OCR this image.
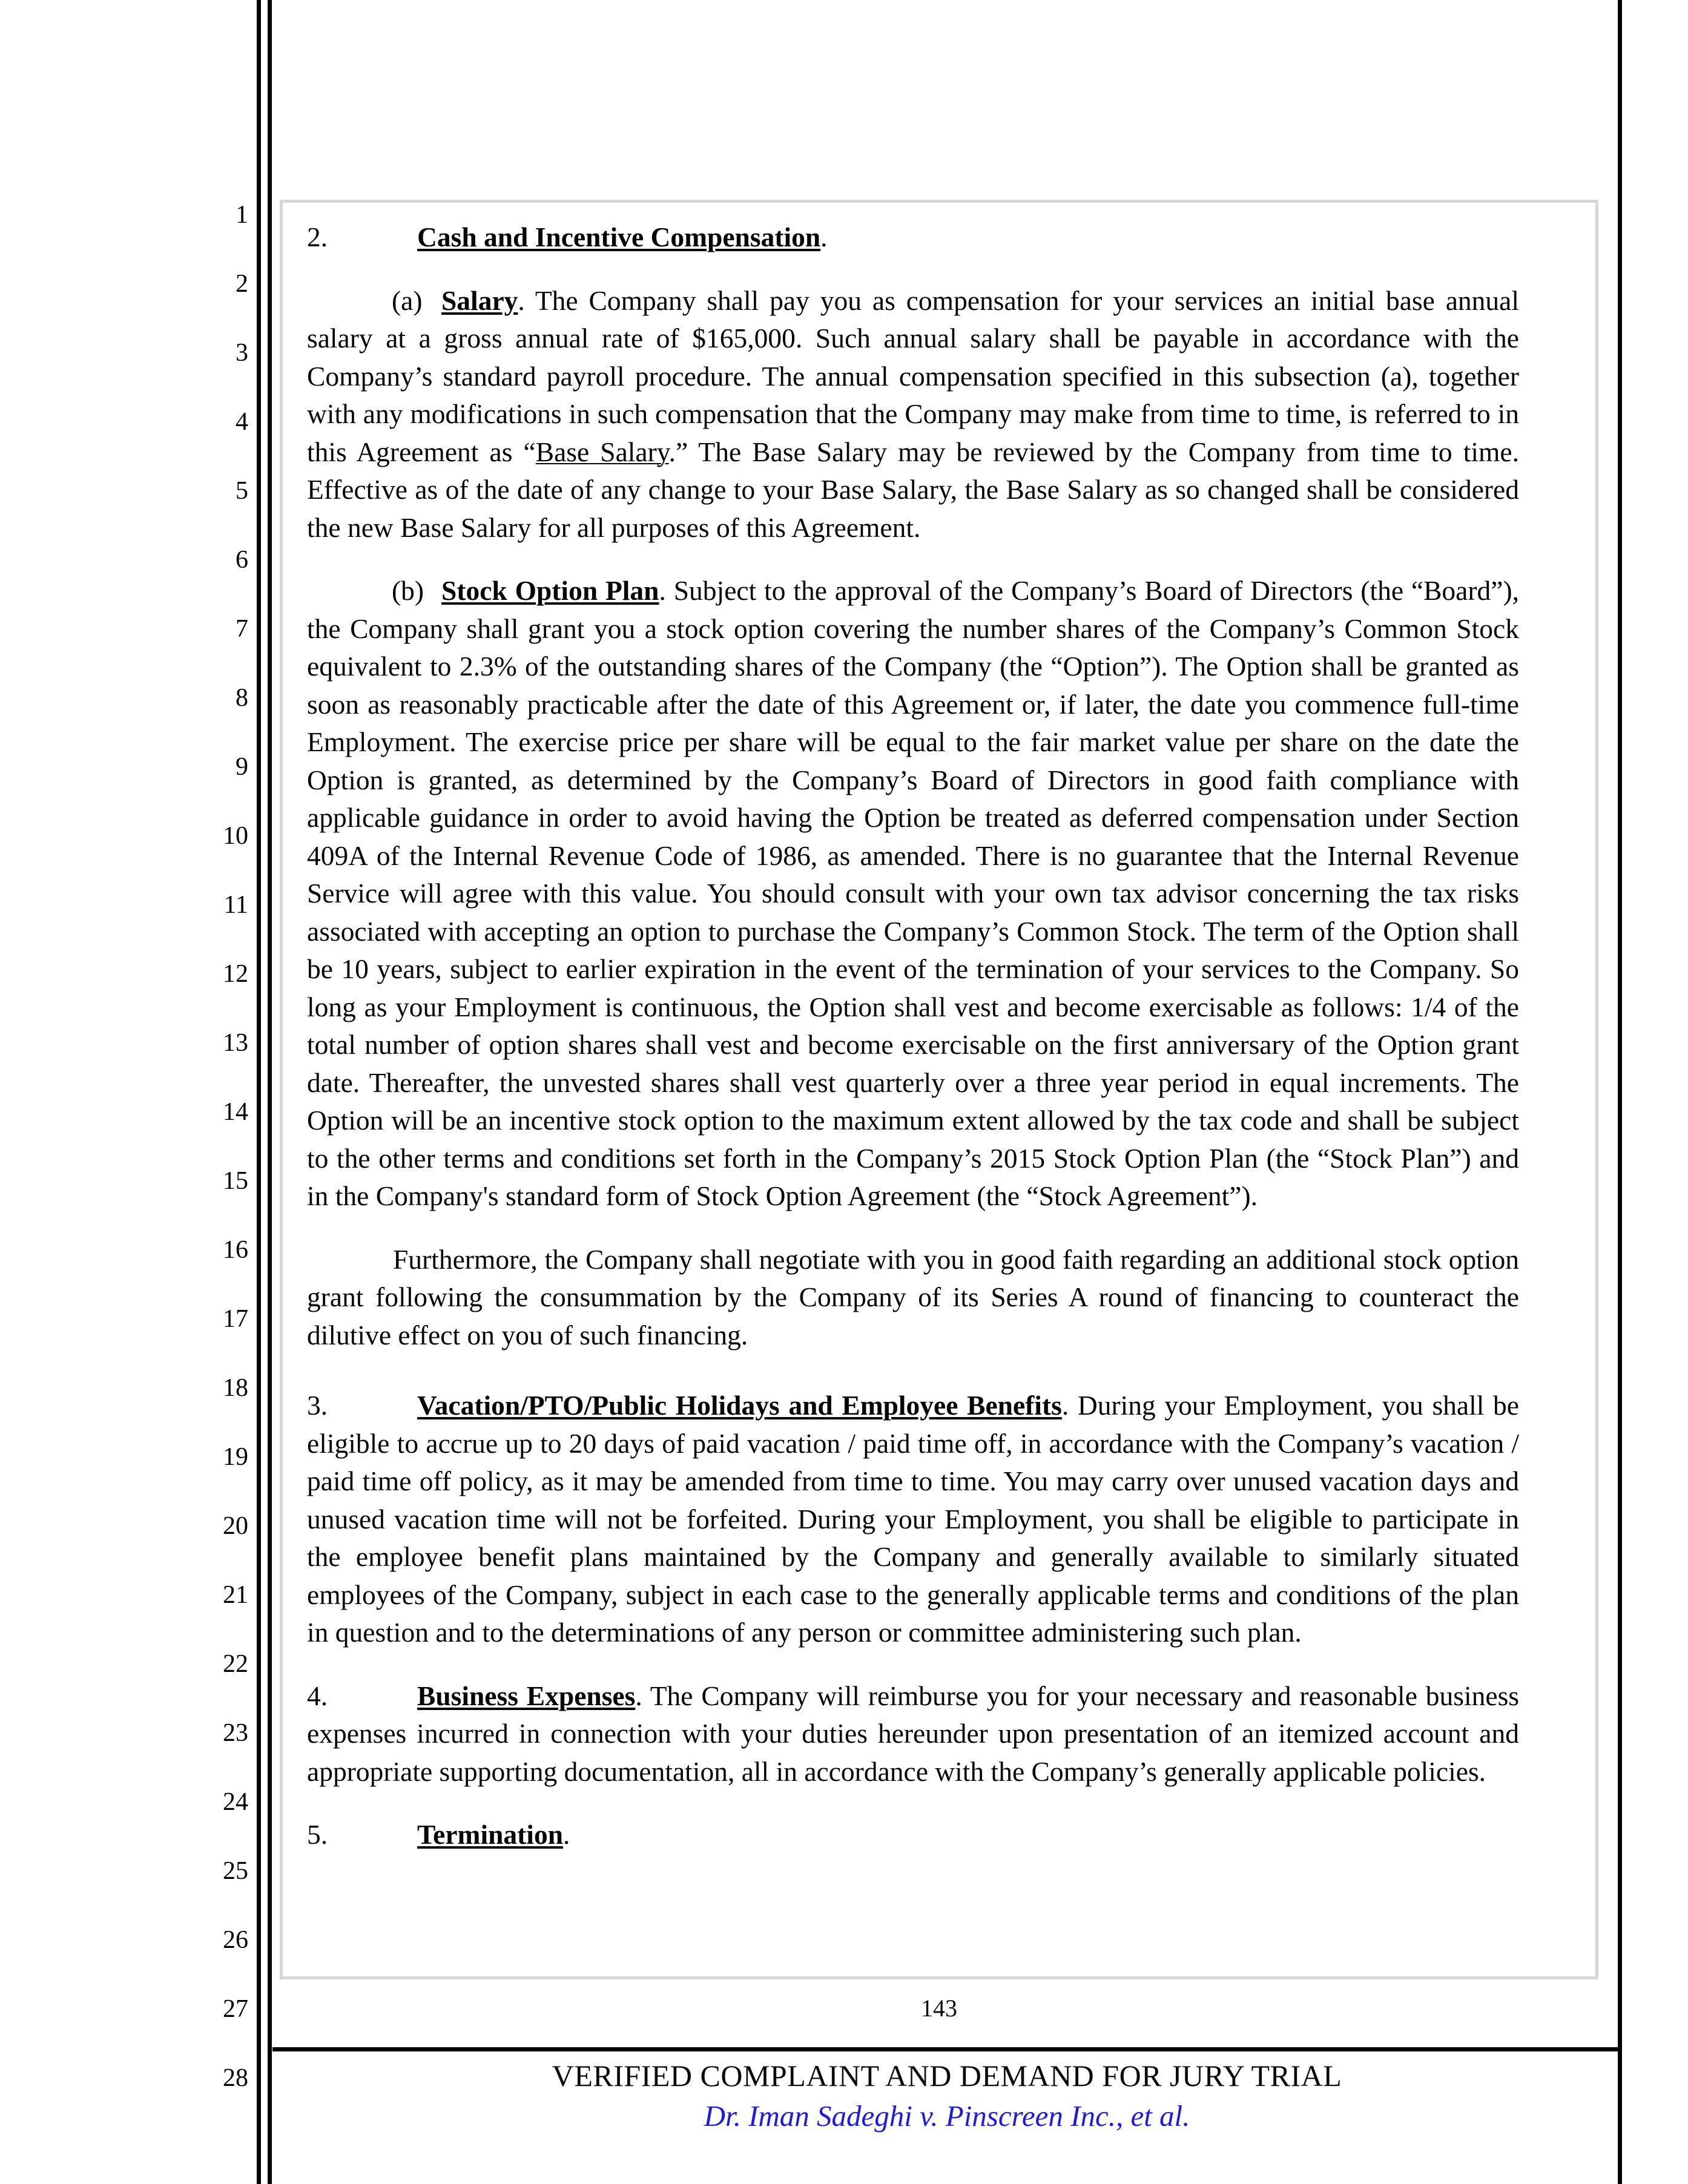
1
2
3
4
5
6
7
8
9
10
11
12
13
14
15
16
17
18
19
20
21
22
23
24
25
26
27
28

2.	Cash and Incentive Compensation.

(a) Salary. The Company shall pay you as compensation for your services an initial base annual salary at a gross annual rate of $165,000. Such annual salary shall be payable in accordance with the Company’s standard payroll procedure. The annual compensation specified in this subsection (a), together with any modifications in such compensation that the Company may make from time to time, is referred to in this Agreement as “Base Salary.” The Base Salary may be reviewed by the Company from time to time. Effective as of the date of any change to your Base Salary, the Base Salary as so changed shall be considered the new Base Salary for all purposes of this Agreement.

(b) Stock Option Plan. Subject to the approval of the Company’s Board of Directors (the “Board”), the Company shall grant you a stock option covering the number shares of the Company’s Common Stock equivalent to 2.3% of the outstanding shares of the Company (the “Option”). The Option shall be granted as soon as reasonably practicable after the date of this Agreement or, if later, the date you commence full-time Employment. The exercise price per share will be equal to the fair market value per share on the date the Option is granted, as determined by the Company’s Board of Directors in good faith compliance with applicable guidance in order to avoid having the Option be treated as deferred compensation under Section 409A of the Internal Revenue Code of 1986, as amended. There is no guarantee that the Internal Revenue Service will agree with this value. You should consult with your own tax advisor concerning the tax risks associated with accepting an option to purchase the Company’s Common Stock. The term of the Option shall be 10 years, subject to earlier expiration in the event of the termination of your services to the Company. So long as your Employment is continuous, the Option shall vest and become exercisable as follows: 1/4 of the total number of option shares shall vest and become exercisable on the first anniversary of the Option grant date. Thereafter, the unvested shares shall vest quarterly over a three year period in equal increments. The Option will be an incentive stock option to the maximum extent allowed by the tax code and shall be subject to the other terms and conditions set forth in the Company’s 2015 Stock Option Plan (the “Stock Plan”) and in the Company's standard form of Stock Option Agreement (the “Stock Agreement”).

Furthermore, the Company shall negotiate with you in good faith regarding an additional stock option grant following the consummation by the Company of its Series A round of financing to counteract the dilutive effect on you of such financing.

3.	Vacation/PTO/Public Holidays and Employee Benefits. During your Employment, you shall be eligible to accrue up to 20 days of paid vacation / paid time off, in accordance with the Company’s vacation / paid time off policy, as it may be amended from time to time. You may carry over unused vacation days and unused vacation time will not be forfeited. During your Employment, you shall be eligible to participate in the employee benefit plans maintained by the Company and generally available to similarly situated employees of the Company, subject in each case to the generally applicable terms and conditions of the plan in question and to the determinations of any person or committee administering such plan.

4.	Business Expenses. The Company will reimburse you for your necessary and reasonable business expenses incurred in connection with your duties hereunder upon presentation of an itemized account and appropriate supporting documentation, all in accordance with the Company’s generally applicable policies.

5.	Termination.

143
VERIFIED COMPLAINT AND DEMAND FOR JURY TRIAL
Dr. Iman Sadeghi v. Pinscreen Inc., et al.
